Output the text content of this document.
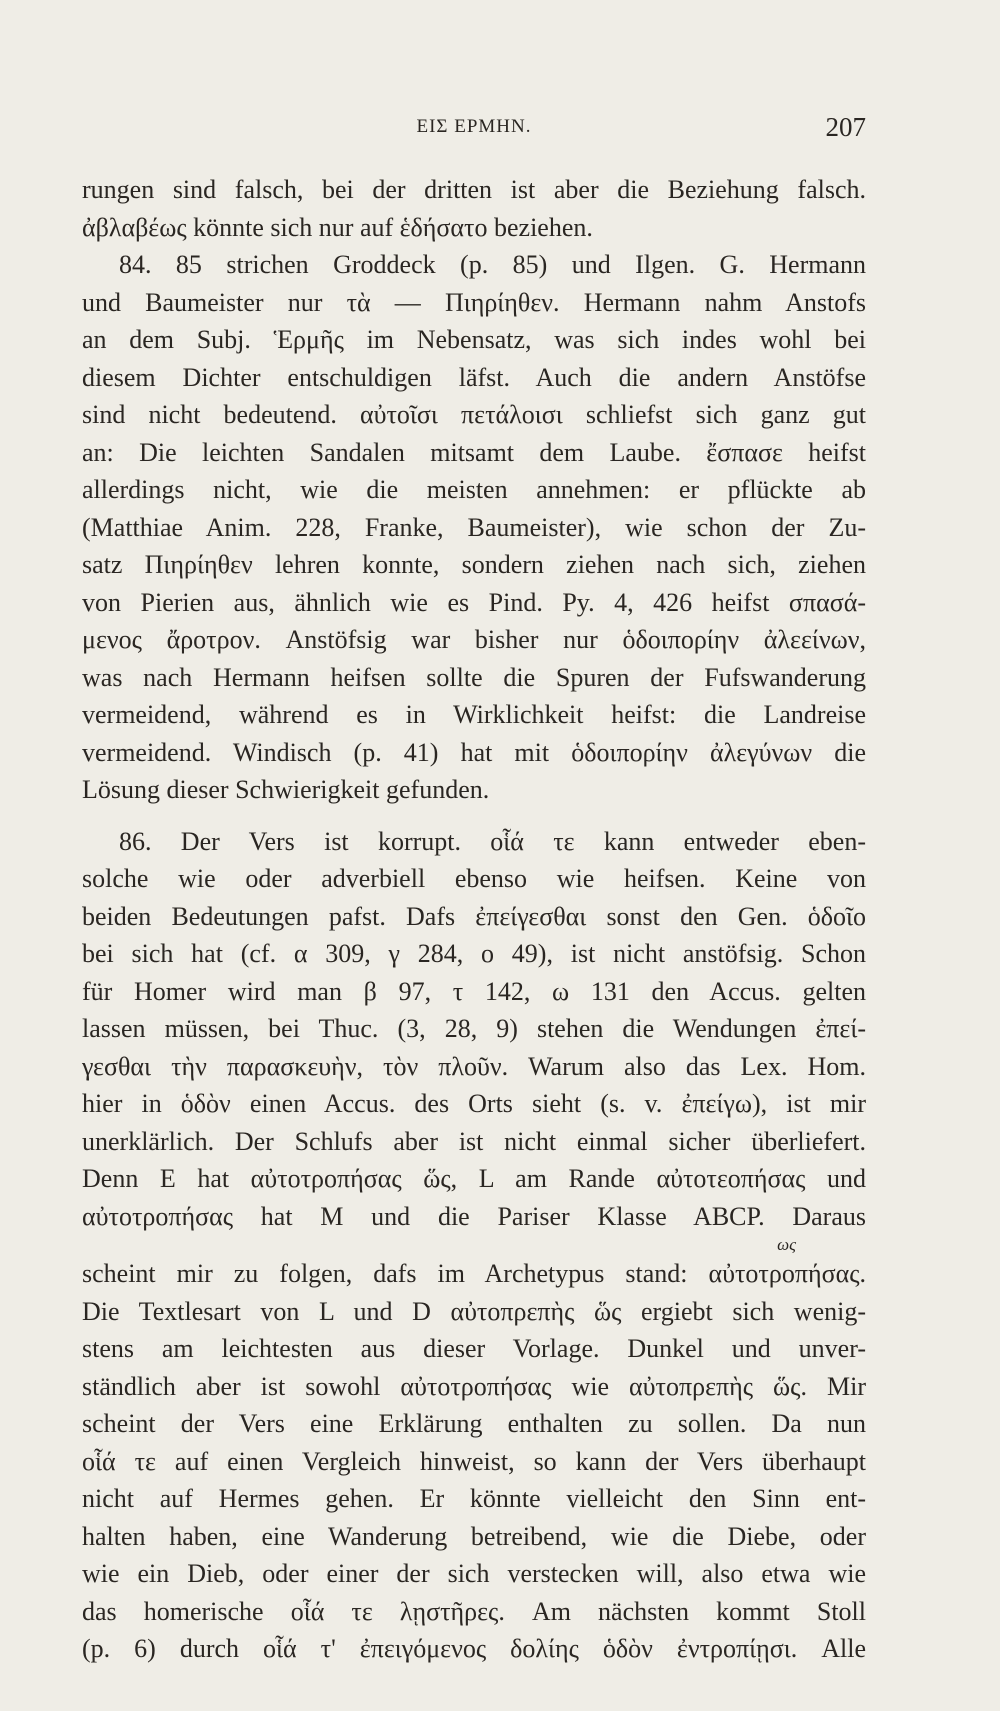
ΕΙΣ ΕΡΜΗΝ.	207
rungen sind falsch, bei der dritten ist aber die Beziehung falsch.
ἀβλαβέως könnte sich nur auf ἑδήσατο beziehen.
84. 85 strichen Groddeck (p. 85) und Ilgen. G. Hermann
und Baumeister nur τὰ — Πιηρίηθεν. Hermann nahm Anstofs
an dem Subj. Ἑρμῆς im Nebensatz, was sich indes wohl bei
diesem Dichter entschuldigen läfst. Auch die andern Anstöfse
sind nicht bedeutend. αὐτοῖσι πετάλοισι schliefst sich ganz gut
an: Die leichten Sandalen mitsamt dem Laube. ἔσπασε heifst
allerdings nicht, wie die meisten annehmen: er pflückte ab
(Matthiae Anim. 228, Franke, Baumeister), wie schon der Zu-
satz Πιηρίηθεν lehren konnte, sondern ziehen nach sich, ziehen
von Pierien aus, ähnlich wie es Pind. Py. 4, 426 heifst σπασά-
μενος ἄροτρον. Anstöfsig war bisher nur ὁδοιπορίην ἀλεείνων,
was nach Hermann heifsen sollte die Spuren der Fufswanderung
vermeidend, während es in Wirklichkeit heifst: die Landreise
vermeidend. Windisch (p. 41) hat mit ὁδοιπορίην ἀλεγύνων die
Lösung dieser Schwierigkeit gefunden.
86. Der Vers ist korrupt. οἷά τε kann entweder eben-
solche wie oder adverbiell ebenso wie heifsen. Keine von
beiden Bedeutungen pafst. Dafs ἐπείγεσθαι sonst den Gen. ὁδοῖο
bei sich hat (cf. α 309, γ 284, ο 49), ist nicht anstöfsig. Schon
für Homer wird man β 97, τ 142, ω 131 den Accus. gelten
lassen müssen, bei Thuc. (3, 28, 9) stehen die Wendungen ἐπεί-
γεσθαι τὴν παρασκευὴν, τὸν πλοῦν. Warum also das Lex. Hom.
hier in ὁδὸν einen Accus. des Orts sieht (s. v. ἐπείγω), ist mir
unerklärlich. Der Schlufs aber ist nicht einmal sicher überliefert.
Denn E hat αὐτοτροπήσας ὥς, L am Rande αὐτοτεοπήσας und
αὐτοτροπήσας hat M und die Pariser Klasse ABCP. Daraus
ως
scheint mir zu folgen, dafs im Archetypus stand: αὐτοτροπήσας.
Die Textlesart von L und D αὐτοπρεπὴς ὥς ergiebt sich wenig-
stens am leichtesten aus dieser Vorlage. Dunkel und unver-
ständlich aber ist sowohl αὐτοτροπήσας wie αὐτοπρεπὴς ὥς. Mir
scheint der Vers eine Erklärung enthalten zu sollen. Da nun
οἷά τε auf einen Vergleich hinweist, so kann der Vers überhaupt
nicht auf Hermes gehen. Er könnte vielleicht den Sinn ent-
halten haben, eine Wanderung betreibend, wie die Diebe, oder
wie ein Dieb, oder einer der sich verstecken will, also etwa wie
das homerische οἷά τε λῃστῆρες. Am nächsten kommt Stoll
(p. 6) durch οἷά τ' ἐπειγόμενος δολίης ὁδὸν ἐντροπίῃσι. Alle
